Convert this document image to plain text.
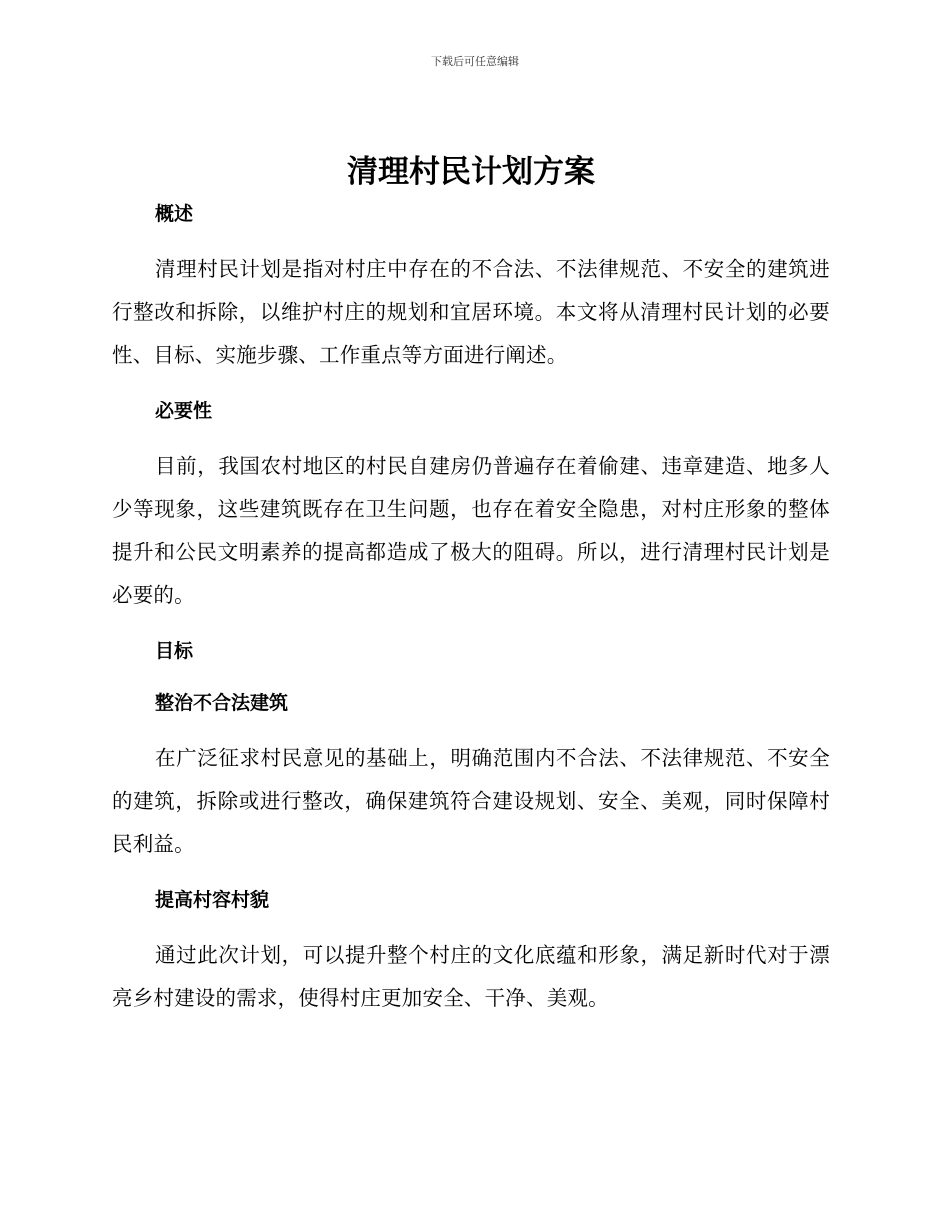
下载后可任意编辑
清理村民计划方案
概述

清理村民计划是指对村庄中存在的不合法、不法律规范、不安全的建筑进行整改和拆除，以维护村庄的规划和宜居环境。本文将从清理村民计划的必要性、目标、实施步骤、工作重点等方面进行阐述。

必要性

目前，我国农村地区的村民自建房仍普遍存在着偷建、违章建造、地多人少等现象，这些建筑既存在卫生问题，也存在着安全隐患，对村庄形象的整体提升和公民文明素养的提高都造成了极大的阻碍。所以，进行清理村民计划是必要的。

目标
整治不合法建筑

在广泛征求村民意见的基础上，明确范围内不合法、不法律规范、不安全的建筑，拆除或进行整改，确保建筑符合建设规划、安全、美观，同时保障村民利益。

提高村容村貌

通过此次计划，可以提升整个村庄的文化底蕴和形象，满足新时代对于漂亮乡村建设的需求，使得村庄更加安全、干净、美观。
